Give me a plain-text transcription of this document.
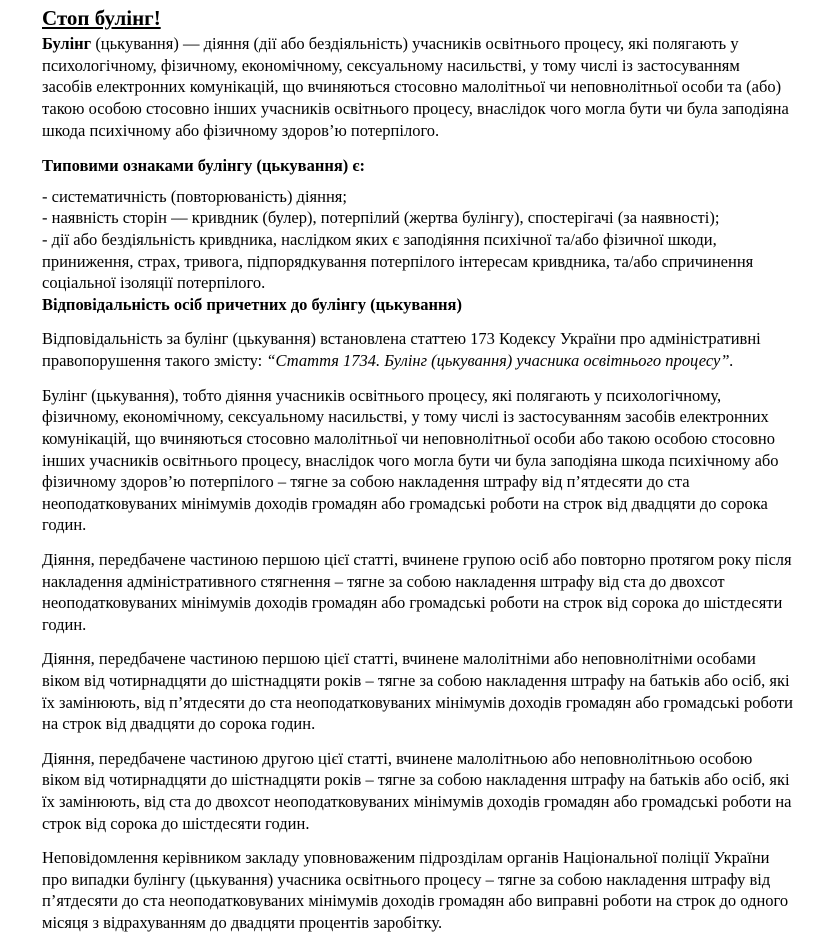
Стоп булінг!

Булінг (цькування) — діяння (дії або бездіяльність) учасників освітнього процесу, які полягають у психологічному, фізичному, економічному, сексуальному насильстві, у тому числі із застосуванням засобів електронних комунікацій, що вчиняються стосовно малолітньої чи неповнолітньої особи та (або) такою особою стосовно інших учасників освітнього процесу, внаслідок чого могла бути чи була заподіяна шкода психічному або фізичному здоров’ю потерпілого.

Типовими ознаками булінгу (цькування) є:

- систематичність (повторюваність) діяння;

- наявність сторін — кривдник (булер), потерпілий (жертва булінгу), спостерігачі (за наявності);

- дії або бездіяльність кривдника, наслідком яких є заподіяння психічної та/або фізичної шкоди, приниження, страх, тривога, підпорядкування потерпілого інтересам кривдника, та/або спричинення соціальної ізоляції потерпілого.

Відповідальність осіб причетних до булінгу (цькування)

Відповідальність за булінг (цькування) встановлена статтею 173 Кодексу України про адміністративні правопорушення такого змісту: “Стаття 1734. Булінг (цькування) учасника освітнього процесу”.

Булінг (цькування), тобто діяння учасників освітнього процесу, які полягають у психологічному, фізичному, економічному, сексуальному насильстві, у тому числі із застосуванням засобів електронних комунікацій, що вчиняються стосовно малолітньої чи неповнолітньої особи або такою особою стосовно інших учасників освітнього процесу, внаслідок чого могла бути чи була заподіяна шкода психічному або фізичному здоров’ю потерпілого – тягне за собою накладення штрафу від п’ятдесяти до ста неоподатковуваних мінімумів доходів громадян або громадські роботи на строк від двадцяти до сорока годин.

Діяння, передбачене частиною першою цієї статті, вчинене групою осіб або повторно протягом року після накладення адміністративного стягнення – тягне за собою накладення штрафу від ста до двохсот неоподатковуваних мінімумів доходів громадян або громадські роботи на строк від сорока до шістдесяти годин.

Діяння, передбачене частиною першою цієї статті, вчинене малолітніми або неповнолітніми особами віком від чотирнадцяти до шістнадцяти років – тягне за собою накладення штрафу на батьків або осіб, які їх замінюють, від п’ятдесяти до ста неоподатковуваних мінімумів доходів громадян або громадські роботи на строк від двадцяти до сорока годин.

Діяння, передбачене частиною другою цієї статті, вчинене малолітньою або неповнолітньою особою віком від чотирнадцяти до шістнадцяти років – тягне за собою накладення штрафу на батьків або осіб, які їх замінюють, від ста до двохсот неоподатковуваних мінімумів доходів громадян або громадські роботи на строк від сорока до шістдесяти годин.

Неповідомлення керівником закладу уповноваженим підрозділам органів Національної поліції України про випадки булінгу (цькування) учасника освітнього процесу – тягне за собою накладення штрафу від п’ятдесяти до ста неоподатковуваних мінімумів доходів громадян або виправні роботи на строк до одного місяця з відрахуванням до двадцяти процентів заробітку.
